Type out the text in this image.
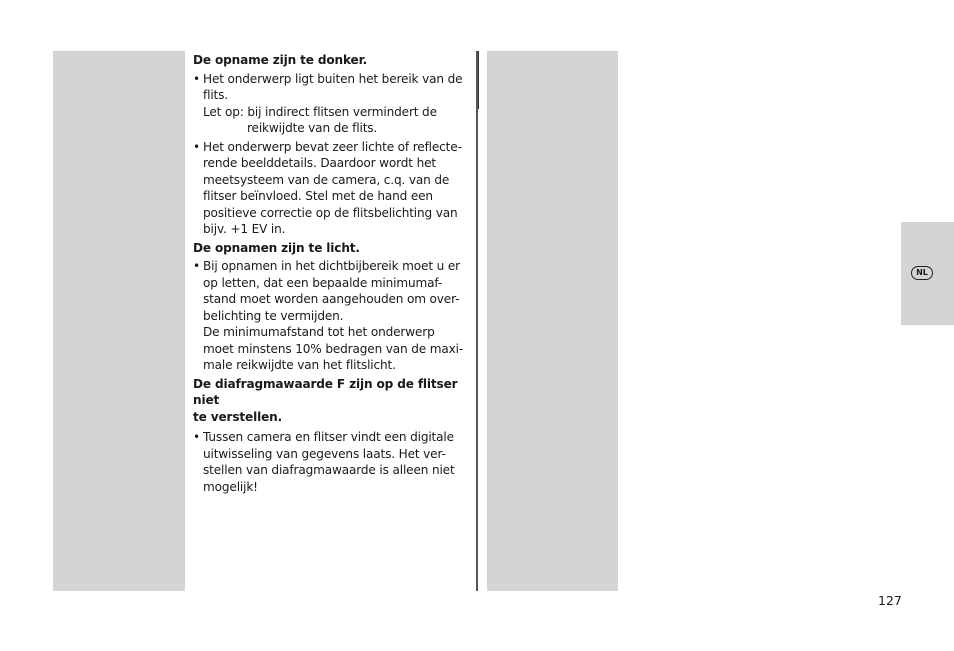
De opname zijn te donker.
• Het onderwerp ligt buiten het bereik van de
flits.
Let op: bij indirect flitsen vermindert de
reikwijdte van de flits.
• Het onderwerp bevat zeer lichte of reflecte-
rende beelddetails. Daardoor wordt het
meetsysteem van de camera, c.q. van de
flitser beïnvloed. Stel met de hand een
positieve correctie op de flitsbelichting van
bijv. +1 EV in.
De opnamen zijn te licht.
• Bij opnamen in het dichtbijbereik moet u er
op letten, dat een bepaalde minimumaf-
stand moet worden aangehouden om over-
belichting te vermijden.
De minimumafstand tot het onderwerp
moet minstens 10% bedragen van de maxi-
male reikwijdte van het flitslicht.
De diafragmawaarde F zijn op de flitser niet
te verstellen.
• Tussen camera en flitser vindt een digitale
uitwisseling van gegevens laats. Het ver-
stellen van diafragmawaarde is alleen niet
mogelijk!
NL
127
